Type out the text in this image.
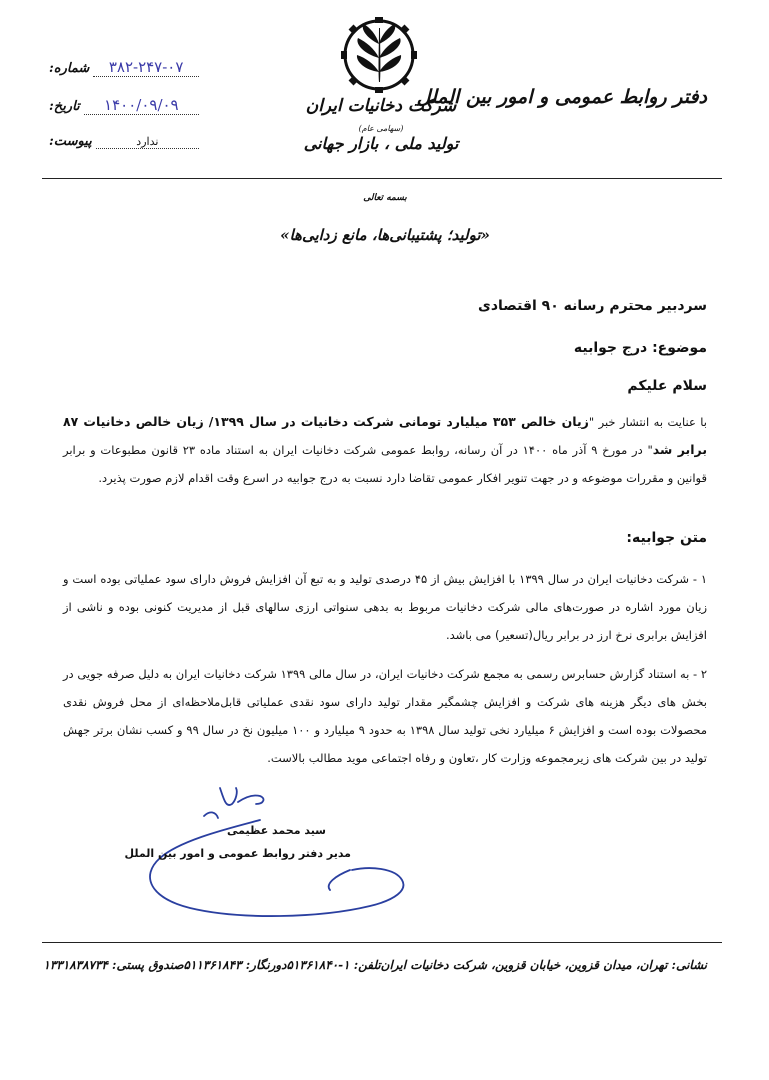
دفتر روابط عمومی و امور بین الملل
شرکت دخانیات ایران (سهامی عام)
تولید ملی ، بازار جهانی
شماره:	۳۸۲-۲۴۷-۰۷
تاریخ:	۱۴۰۰/۰۹/۰۹
پیوست:	ندارد
بسمه تعالی
«تولید؛ پشتیبانی‌ها، مانع زدایی‌ها»
سردبیر محترم رسانه ۹۰ اقتصادی
موضوع: درج جوابیه
سلام علیکم
با عنایت به انتشار خبر "زیان خالص ۳۵۳ میلیارد تومانی شرکت دخانیات در سال ۱۳۹۹/ زیان خالص دخانیات ۸۷ برابر شد" در مورخ ۹ آذر ماه ۱۴۰۰ در آن رسانه، روابط عمومی شرکت دخانیات ایران به استناد ماده ۲۳ قانون مطبوعات و برابر قوانین و مقررات موضوعه و در جهت تنویر افکار عمومی تقاضا دارد نسبت به درج جوابیه در اسرع وقت اقدام لازم صورت پذیرد.
متن جوابیه:
۱ - شرکت دخانیات ایران در سال ۱۳۹۹ با افزایش بیش از ۴۵ درصدی تولید و به تبع آن افزایش فروش دارای سود عملیاتی بوده است و زیان مورد اشاره در صورت‌های مالی شرکت دخانیات مربوط به بدهی سنواتی ارزی سالهای قبل از مدیریت کنونی بوده و ناشی از افزایش برابری نرخ ارز در برابر ریال(تسعیر) می باشد.
۲ - به استناد گزارش حسابرس رسمی به مجمع شرکت دخانیات ایران، در سال مالی ۱۳۹۹ شرکت دخانیات ایران به دلیل صرفه جویی در بخش های دیگر هزینه های شرکت و افزایش چشمگیر مقدار تولید دارای سود نقدی عملیاتی قابل‌ملاحظه‌ای از محل فروش نقدی محصولات بوده است و افزایش ۶ میلیارد نخی تولید سال ۱۳۹۸ به حدود ۹ میلیارد و ۱۰۰ میلیون نخ در سال ۹۹ و کسب نشان برتر جهش تولید در بین شرکت های زیرمجموعه وزارت کار ،تعاون و رفاه اجتماعی موید مطالب بالاست.
سید محمد عظیمی
مدیر دفتر روابط عمومی و امور بین الملل
نشانی: تهران، میدان قزوین، خیابان قزوین، شرکت دخانیات ایران
تلفن: ۱-۵۱۳۶۱۸۴۰
دورنگار: ۵۱۱۳۶۱۸۴۳
صندوق پستی: ۱۳۳۱۸۳۸۷۳۴
